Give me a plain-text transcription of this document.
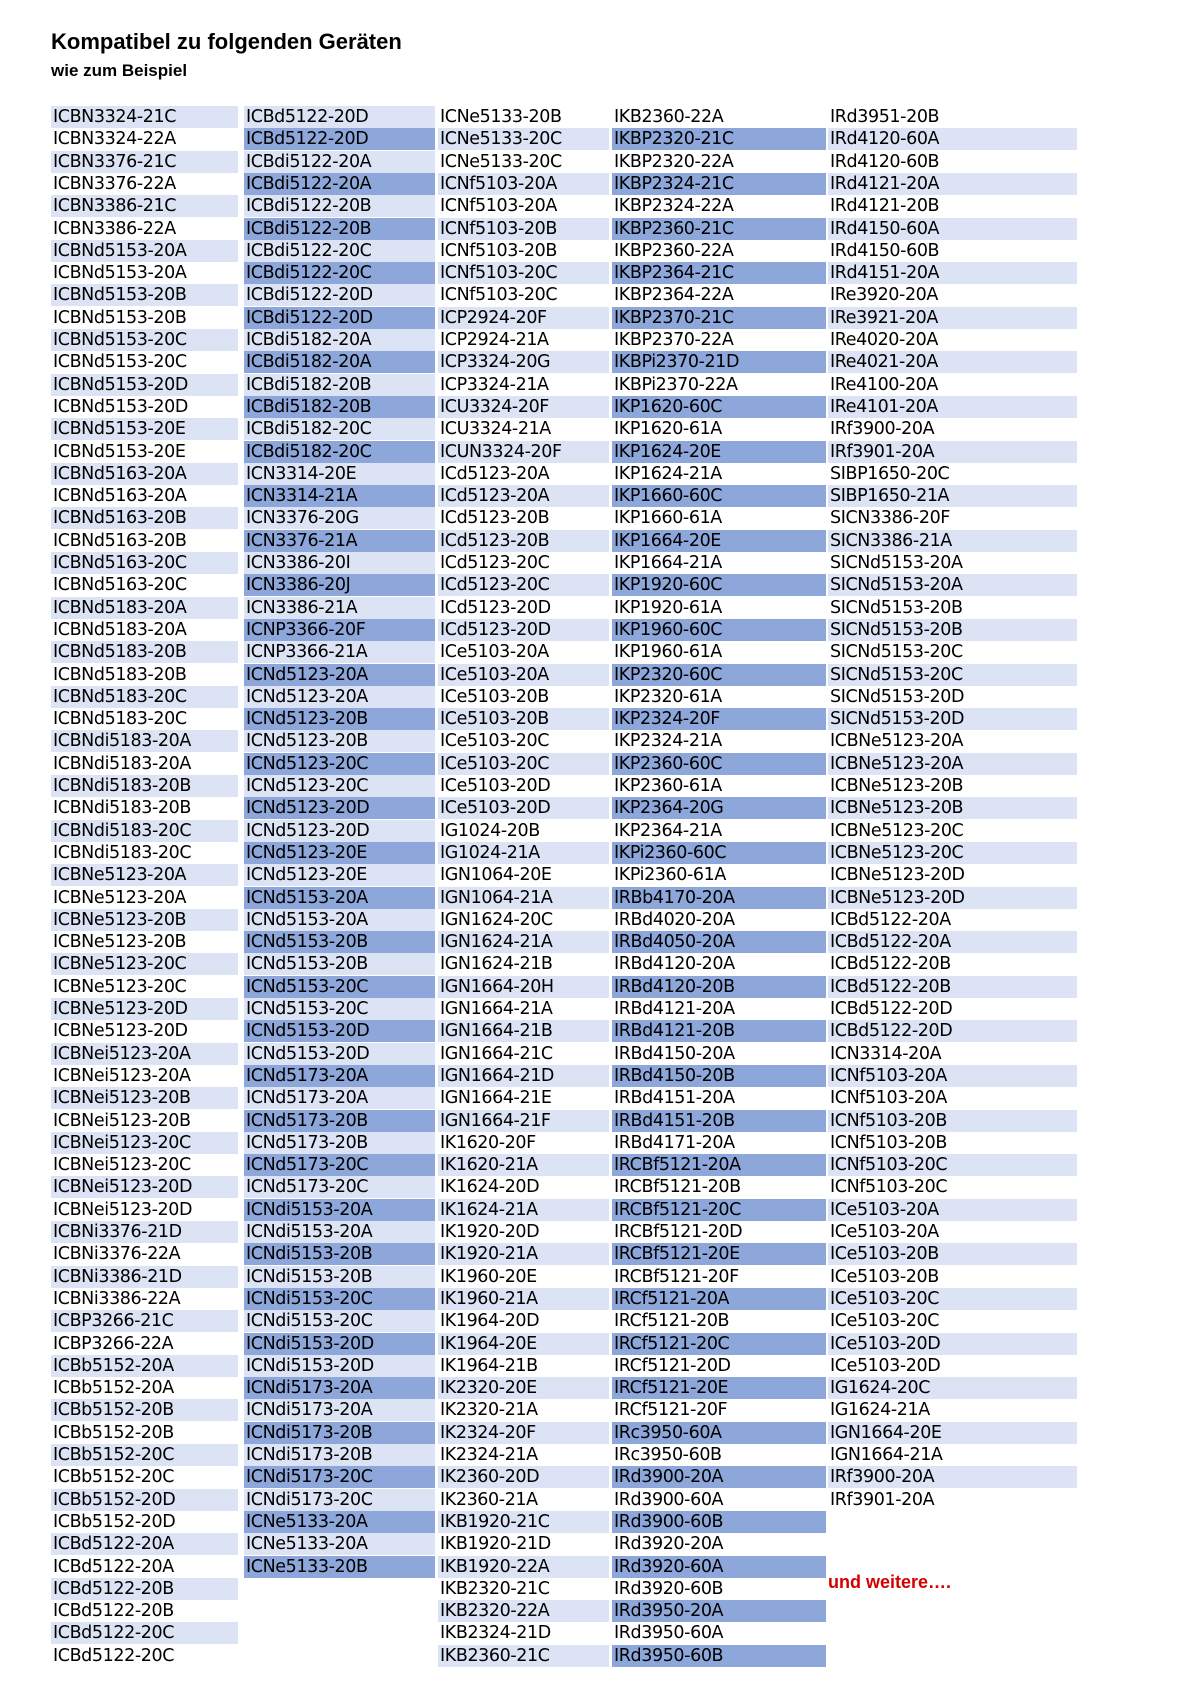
Kompatibel zu folgenden Geräten
wie zum Beispiel
ICBN3324-21C
ICBN3324-22A
ICBN3376-21C
ICBN3376-22A
ICBN3386-21C
ICBN3386-22A
ICBNd5153-20A
ICBNd5153-20A
ICBNd5153-20B
ICBNd5153-20B
ICBNd5153-20C
ICBNd5153-20C
ICBNd5153-20D
ICBNd5153-20D
ICBNd5153-20E
ICBNd5153-20E
ICBNd5163-20A
ICBNd5163-20A
ICBNd5163-20B
ICBNd5163-20B
ICBNd5163-20C
ICBNd5163-20C
ICBNd5183-20A
ICBNd5183-20A
ICBNd5183-20B
ICBNd5183-20B
ICBNd5183-20C
ICBNd5183-20C
ICBNdi5183-20A
ICBNdi5183-20A
ICBNdi5183-20B
ICBNdi5183-20B
ICBNdi5183-20C
ICBNdi5183-20C
ICBNe5123-20A
ICBNe5123-20A
ICBNe5123-20B
ICBNe5123-20B
ICBNe5123-20C
ICBNe5123-20C
ICBNe5123-20D
ICBNe5123-20D
ICBNei5123-20A
ICBNei5123-20A
ICBNei5123-20B
ICBNei5123-20B
ICBNei5123-20C
ICBNei5123-20C
ICBNei5123-20D
ICBNei5123-20D
ICBNi3376-21D
ICBNi3376-22A
ICBNi3386-21D
ICBNi3386-22A
ICBP3266-21C
ICBP3266-22A
ICBb5152-20A
ICBb5152-20A
ICBb5152-20B
ICBb5152-20B
ICBb5152-20C
ICBb5152-20C
ICBb5152-20D
ICBb5152-20D
ICBd5122-20A
ICBd5122-20A
ICBd5122-20B
ICBd5122-20B
ICBd5122-20C
ICBd5122-20C
ICBd5122-20D
ICBd5122-20D
ICBdi5122-20A
ICBdi5122-20A
ICBdi5122-20B
ICBdi5122-20B
ICBdi5122-20C
ICBdi5122-20C
ICBdi5122-20D
ICBdi5122-20D
ICBdi5182-20A
ICBdi5182-20A
ICBdi5182-20B
ICBdi5182-20B
ICBdi5182-20C
ICBdi5182-20C
ICN3314-20E
ICN3314-21A
ICN3376-20G
ICN3376-21A
ICN3386-20I
ICN3386-20J
ICN3386-21A
ICNP3366-20F
ICNP3366-21A
ICNd5123-20A
ICNd5123-20A
ICNd5123-20B
ICNd5123-20B
ICNd5123-20C
ICNd5123-20C
ICNd5123-20D
ICNd5123-20D
ICNd5123-20E
ICNd5123-20E
ICNd5153-20A
ICNd5153-20A
ICNd5153-20B
ICNd5153-20B
ICNd5153-20C
ICNd5153-20C
ICNd5153-20D
ICNd5153-20D
ICNd5173-20A
ICNd5173-20A
ICNd5173-20B
ICNd5173-20B
ICNd5173-20C
ICNd5173-20C
ICNdi5153-20A
ICNdi5153-20A
ICNdi5153-20B
ICNdi5153-20B
ICNdi5153-20C
ICNdi5153-20C
ICNdi5153-20D
ICNdi5153-20D
ICNdi5173-20A
ICNdi5173-20A
ICNdi5173-20B
ICNdi5173-20B
ICNdi5173-20C
ICNdi5173-20C
ICNe5133-20A
ICNe5133-20A
ICNe5133-20B
ICNe5133-20B
ICNe5133-20C
ICNe5133-20C
ICNf5103-20A
ICNf5103-20A
ICNf5103-20B
ICNf5103-20B
ICNf5103-20C
ICNf5103-20C
ICP2924-20F
ICP2924-21A
ICP3324-20G
ICP3324-21A
ICU3324-20F
ICU3324-21A
ICUN3324-20F
ICd5123-20A
ICd5123-20A
ICd5123-20B
ICd5123-20B
ICd5123-20C
ICd5123-20C
ICd5123-20D
ICd5123-20D
ICe5103-20A
ICe5103-20A
ICe5103-20B
ICe5103-20B
ICe5103-20C
ICe5103-20C
ICe5103-20D
ICe5103-20D
IG1024-20B
IG1024-21A
IGN1064-20E
IGN1064-21A
IGN1624-20C
IGN1624-21A
IGN1624-21B
IGN1664-20H
IGN1664-21A
IGN1664-21B
IGN1664-21C
IGN1664-21D
IGN1664-21E
IGN1664-21F
IK1620-20F
IK1620-21A
IK1624-20D
IK1624-21A
IK1920-20D
IK1920-21A
IK1960-20E
IK1960-21A
IK1964-20D
IK1964-20E
IK1964-21B
IK2320-20E
IK2320-21A
IK2324-20F
IK2324-21A
IK2360-20D
IK2360-21A
IKB1920-21C
IKB1920-21D
IKB1920-22A
IKB2320-21C
IKB2320-22A
IKB2324-21D
IKB2360-21C
IKB2360-22A
IKBP2320-21C
IKBP2320-22A
IKBP2324-21C
IKBP2324-22A
IKBP2360-21C
IKBP2360-22A
IKBP2364-21C
IKBP2364-22A
IKBP2370-21C
IKBP2370-22A
IKBPi2370-21D
IKBPi2370-22A
IKP1620-60C
IKP1620-61A
IKP1624-20E
IKP1624-21A
IKP1660-60C
IKP1660-61A
IKP1664-20E
IKP1664-21A
IKP1920-60C
IKP1920-61A
IKP1960-60C
IKP1960-61A
IKP2320-60C
IKP2320-61A
IKP2324-20F
IKP2324-21A
IKP2360-60C
IKP2360-61A
IKP2364-20G
IKP2364-21A
IKPi2360-60C
IKPi2360-61A
IRBb4170-20A
IRBd4020-20A
IRBd4050-20A
IRBd4120-20A
IRBd4120-20B
IRBd4121-20A
IRBd4121-20B
IRBd4150-20A
IRBd4150-20B
IRBd4151-20A
IRBd4151-20B
IRBd4171-20A
IRCBf5121-20A
IRCBf5121-20B
IRCBf5121-20C
IRCBf5121-20D
IRCBf5121-20E
IRCBf5121-20F
IRCf5121-20A
IRCf5121-20B
IRCf5121-20C
IRCf5121-20D
IRCf5121-20E
IRCf5121-20F
IRc3950-60A
IRc3950-60B
IRd3900-20A
IRd3900-60A
IRd3900-60B
IRd3920-20A
IRd3920-60A
IRd3920-60B
IRd3950-20A
IRd3950-60A
IRd3950-60B
IRd3951-20B
IRd4120-60A
IRd4120-60B
IRd4121-20A
IRd4121-20B
IRd4150-60A
IRd4150-60B
IRd4151-20A
IRe3920-20A
IRe3921-20A
IRe4020-20A
IRe4021-20A
IRe4100-20A
IRe4101-20A
IRf3900-20A
IRf3901-20A
SIBP1650-20C
SIBP1650-21A
SICN3386-20F
SICN3386-21A
SICNd5153-20A
SICNd5153-20A
SICNd5153-20B
SICNd5153-20B
SICNd5153-20C
SICNd5153-20C
SICNd5153-20D
SICNd5153-20D
ICBNe5123-20A
ICBNe5123-20A
ICBNe5123-20B
ICBNe5123-20B
ICBNe5123-20C
ICBNe5123-20C
ICBNe5123-20D
ICBNe5123-20D
ICBd5122-20A
ICBd5122-20A
ICBd5122-20B
ICBd5122-20B
ICBd5122-20D
ICBd5122-20D
ICN3314-20A
ICNf5103-20A
ICNf5103-20A
ICNf5103-20B
ICNf5103-20B
ICNf5103-20C
ICNf5103-20C
ICe5103-20A
ICe5103-20A
ICe5103-20B
ICe5103-20B
ICe5103-20C
ICe5103-20C
ICe5103-20D
ICe5103-20D
IG1624-20C
IG1624-21A
IGN1664-20E
IGN1664-21A
IRf3900-20A
IRf3901-20A

und weitere….
